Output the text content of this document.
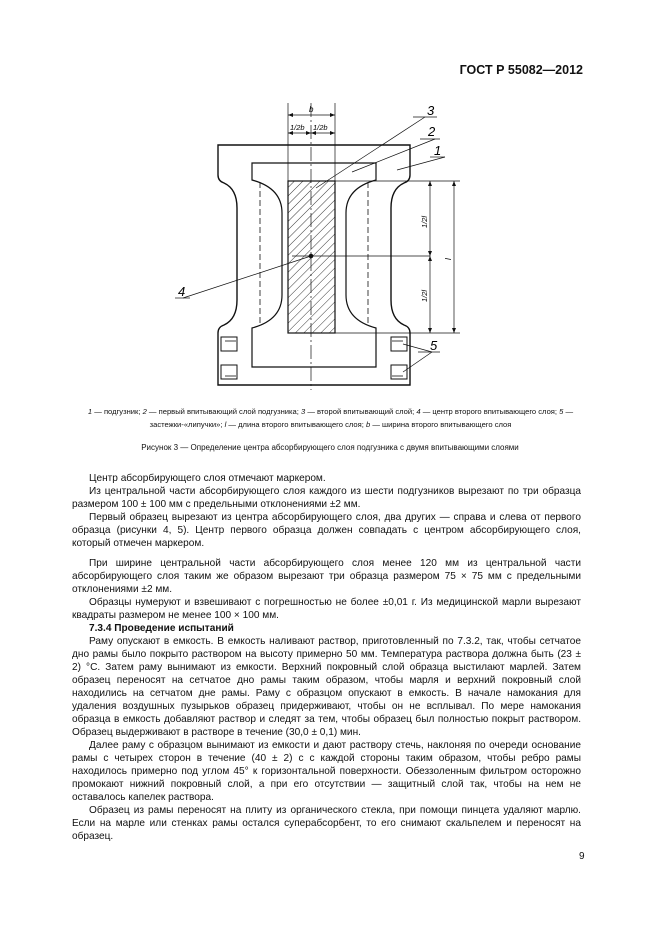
ГОСТ Р 55082—2012
b
1/2b 1/2b
1/2l
1/2l
l
1
2
3
4
5
1 — подгузник; 2 — первый впитывающий слой подгузника; 3 — второй впитывающий слой; 4 — центр второго впитывающего слоя; 5 — застежки-«липучки»; l — длина второго впитывающего слоя; b — ширина второго впитывающего слоя
Рисунок 3 — Определение центра абсорбирующего слоя подгузника с двумя впитывающими слоями

Центр абсорбирующего слоя отмечают маркером.

Из центральной части абсорбирующего слоя каждого из шести подгузников вырезают по три образца размером 100 ± 100 мм с предельными отклонениями ±2 мм.

Первый образец вырезают из центра абсорбирующего слоя, два других — справа и слева от первого образца (рисунки 4, 5). Центр первого образца должен совпадать с центром абсорбирующего слоя, который отмечен маркером.

При ширине центральной части абсорбирующего слоя менее 120 мм из центральной части абсорбирующего слоя таким же образом вырезают три образца размером 75 × 75 мм с предельными отклонениями ±2 мм.

Образцы нумеруют и взвешивают с погрешностью не более ±0,01 г. Из медицинской марли вырезают квадраты размером не менее 100 × 100 мм.

7.3.4 Проведение испытаний

Раму опускают в емкость. В емкость наливают раствор, приготовленный по 7.3.2, так, чтобы сетчатое дно рамы было покрыто раствором на высоту примерно 50 мм. Температура раствора должна быть (23 ± 2) °С. Затем раму вынимают из емкости. Верхний покровный слой образца выстилают марлей. Затем образец переносят на сетчатое дно рамы таким образом, чтобы марля и верхний покровный слой находились на сетчатом дне рамы. Раму с образцом опускают в емкость. В начале намокания для удаления воздушных пузырьков образец придерживают, чтобы он не всплывал. По мере намокания образца в емкость добавляют раствор и следят за тем, чтобы образец был полностью покрыт раствором. Образец выдерживают в растворе в течение (30,0 ± 0,1) мин.

Далее раму с образцом вынимают из емкости и дают раствору стечь, наклоняя по очереди основание рамы с четырех сторон в течение (40 ± 2) с с каждой стороны таким образом, чтобы ребро рамы находилось примерно под углом 45° к горизонтальной поверхности. Обеззоленным фильтром осторожно промокают нижний покровный слой, а при его отсутствии — защитный слой так, чтобы на нем не оставалось капелек раствора.

Образец из рамы переносят на плиту из органического стекла, при помощи пинцета удаляют марлю. Если на марле или стенках рамы остался суперабсорбент, то его снимают скальпелем и переносят на образец.

9
